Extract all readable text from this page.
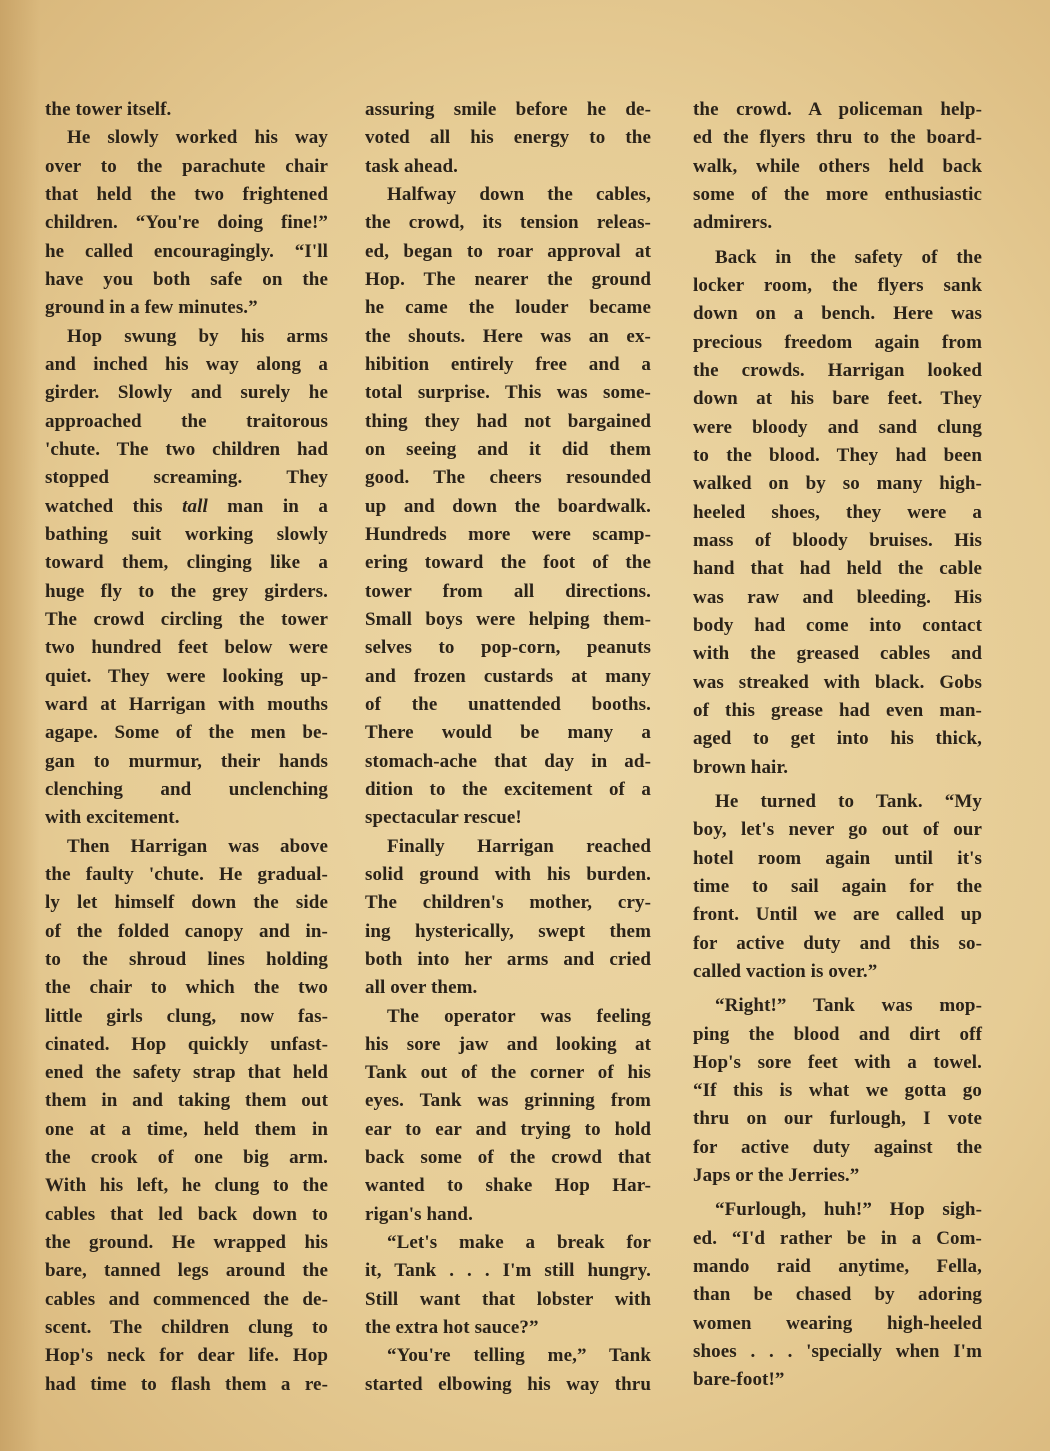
the tower itself.
He slowly worked his way
over to the parachute chair
that held the two frightened
children. “You're doing fine!”
he called encouragingly. “I'll
have you both safe on the
ground in a few minutes.”
Hop swung by his arms
and inched his way along a
girder. Slowly and surely he
approached the traitorous
'chute. The two children had
stopped screaming. They
watched this tall man in a
bathing suit working slowly
toward them, clinging like a
huge fly to the grey girders.
The crowd circling the tower
two hundred feet below were
quiet. They were looking up-
ward at Harrigan with mouths
agape. Some of the men be-
gan to murmur, their hands
clenching and unclenching
with excitement.
Then Harrigan was above
the faulty 'chute. He gradual-
ly let himself down the side
of the folded canopy and in-
to the shroud lines holding
the chair to which the two
little girls clung, now fas-
cinated. Hop quickly unfast-
ened the safety strap that held
them in and taking them out
one at a time, held them in
the crook of one big arm.
With his left, he clung to the
cables that led back down to
the ground. He wrapped his
bare, tanned legs around the
cables and commenced the de-
scent. The children clung to
Hop's neck for dear life. Hop
had time to flash them a re-
assuring smile before he de-
voted all his energy to the
task ahead.
Halfway down the cables,
the crowd, its tension releas-
ed, began to roar approval at
Hop. The nearer the ground
he came the louder became
the shouts. Here was an ex-
hibition entirely free and a
total surprise. This was some-
thing they had not bargained
on seeing and it did them
good. The cheers resounded
up and down the boardwalk.
Hundreds more were scamp-
ering toward the foot of the
tower from all directions.
Small boys were helping them-
selves to pop-corn, peanuts
and frozen custards at many
of the unattended booths.
There would be many a
stomach-ache that day in ad-
dition to the excitement of a
spectacular rescue!
Finally Harrigan reached
solid ground with his burden.
The children's mother, cry-
ing hysterically, swept them
both into her arms and cried
all over them.
The operator was feeling
his sore jaw and looking at
Tank out of the corner of his
eyes. Tank was grinning from
ear to ear and trying to hold
back some of the crowd that
wanted to shake Hop Har-
rigan's hand.
“Let's make a break for
it, Tank . . . I'm still hungry.
Still want that lobster with
the extra hot sauce?”
“You're telling me,” Tank
started elbowing his way thru
the crowd. A policeman help-
ed the flyers thru to the board-
walk, while others held back
some of the more enthusiastic
admirers.
Back in the safety of the
locker room, the flyers sank
down on a bench. Here was
precious freedom again from
the crowds. Harrigan looked
down at his bare feet. They
were bloody and sand clung
to the blood. They had been
walked on by so many high-
heeled shoes, they were a
mass of bloody bruises. His
hand that had held the cable
was raw and bleeding. His
body had come into contact
with the greased cables and
was streaked with black. Gobs
of this grease had even man-
aged to get into his thick,
brown hair.
He turned to Tank. “My
boy, let's never go out of our
hotel room again until it's
time to sail again for the
front. Until we are called up
for active duty and this so-
called vaction is over.”
“Right!” Tank was mop-
ping the blood and dirt off
Hop's sore feet with a towel.
“If this is what we gotta go
thru on our furlough, I vote
for active duty against the
Japs or the Jerries.”
“Furlough, huh!” Hop sigh-
ed. “I'd rather be in a Com-
mando raid anytime, Fella,
than be chased by adoring
women wearing high-heeled
shoes . . . 'specially when I'm
bare-foot!”
